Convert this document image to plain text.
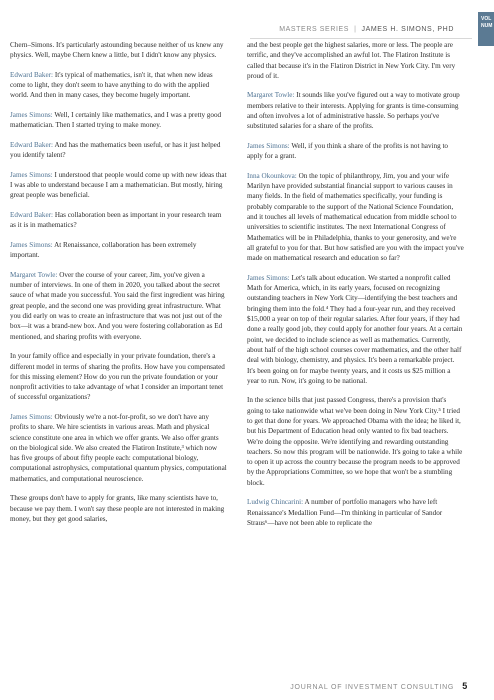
VOL
NUM
MASTERS SERIES | JAMES H. SIMONS, PHD

Chern–Simons. It's particularly astounding because neither of us knew any physics. Well, maybe Chern knew a little, but I didn't know any physics.

Edward Baker: It's typical of mathematics, isn't it, that when new ideas come to light, they don't seem to have anything to do with the applied world. And then in many cases, they become hugely important.

James Simons: Well, I certainly like mathematics, and I was a pretty good mathematician. Then I started trying to make money.

Edward Baker: And has the mathematics been useful, or has it just helped you identify talent?

James Simons: I understood that people would come up with new ideas that I was able to understand because I am a mathematician. But mostly, hiring great people was beneficial.

Edward Baker: Has collaboration been as important in your research team as it is in mathematics?

James Simons: At Renaissance, collaboration has been extremely important.

Margaret Towle: Over the course of your career, Jim, you've given a number of interviews. In one of them in 2020, you talked about the secret sauce of what made you successful. You said the first ingredient was hiring great people, and the second one was providing great infrastructure. What you did early on was to create an infrastructure that was not just out of the box—it was a brand-new box. And you were fostering collaboration as Ed mentioned, and sharing profits with everyone.

In your family office and especially in your private foundation, there's a different model in terms of sharing the profits. How have you compensated for this missing element? How do you run the private foundation or your nonprofit activities to take advantage of what I consider an important tenet of successful organizations?

James Simons: Obviously we're a not-for-profit, so we don't have any profits to share. We hire scientists in various areas. Math and physical science constitute one area in which we offer grants. We also offer grants on the biological side. We also created the Flatiron Institute,³ which now has five groups of about fifty people each: computational biology, computational astrophysics, computational quantum physics, computational mathematics, and computational neuroscience.

These groups don't have to apply for grants, like many scientists have to, because we pay them. I won't say these people are not interested in making money, but they get good salaries,

and the best people get the highest salaries, more or less. The people are terrific, and they've accomplished an awful lot. The Flatiron Institute is called that because it's in the Flatiron District in New York City. I'm very proud of it.

Margaret Towle: It sounds like you've figured out a way to motivate group members relative to their interests. Applying for grants is time-consuming and often involves a lot of administrative hassle. So perhaps you've substituted salaries for a share of the profits.

James Simons: Well, if you think a share of the profits is not having to apply for a grant.

Inna Okounkova: On the topic of philanthropy, Jim, you and your wife Marilyn have provided substantial financial support to various causes in many fields. In the field of mathematics specifically, your funding is probably comparable to the support of the National Science Foundation, and it touches all levels of mathematical education from middle school to universities to scientific institutes. The next International Congress of Mathematics will be in Philadelphia, thanks to your generosity, and we're all grateful to you for that. But how satisfied are you with the impact you've made on mathematical research and education so far?

James Simons: Let's talk about education. We started a nonprofit called Math for America, which, in its early years, focused on recognizing outstanding teachers in New York City—identifying the best teachers and bringing them into the fold.⁴ They had a four-year run, and they received $15,000 a year on top of their regular salaries. After four years, if they had done a really good job, they could apply for another four years. At a certain point, we decided to include science as well as mathematics. Currently, about half of the high school courses cover mathematics, and the other half deal with biology, chemistry, and physics. It's been a remarkable project. It's been going on for maybe twenty years, and it costs us $25 million a year to run. Now, it's going to be national.

In the science bills that just passed Congress, there's a provision that's going to take nationwide what we've been doing in New York City.⁵ I tried to get that done for years. We approached Obama with the idea; he liked it, but his Department of Education head only wanted to fix bad teachers. We're doing the opposite. We're identifying and rewarding outstanding teachers. So now this program will be nationwide. It's going to take a while to open it up across the country because the program needs to be approved by the Appropriations Committee, so we hope that won't be a stumbling block.

Ludwig Chincarini: A number of portfolio managers who have left Renaissance's Medallion Fund—I'm thinking in particular of Sandor Straus⁶—have not been able to replicate the

JOURNAL OF INVESTMENT CONSULTING 5
